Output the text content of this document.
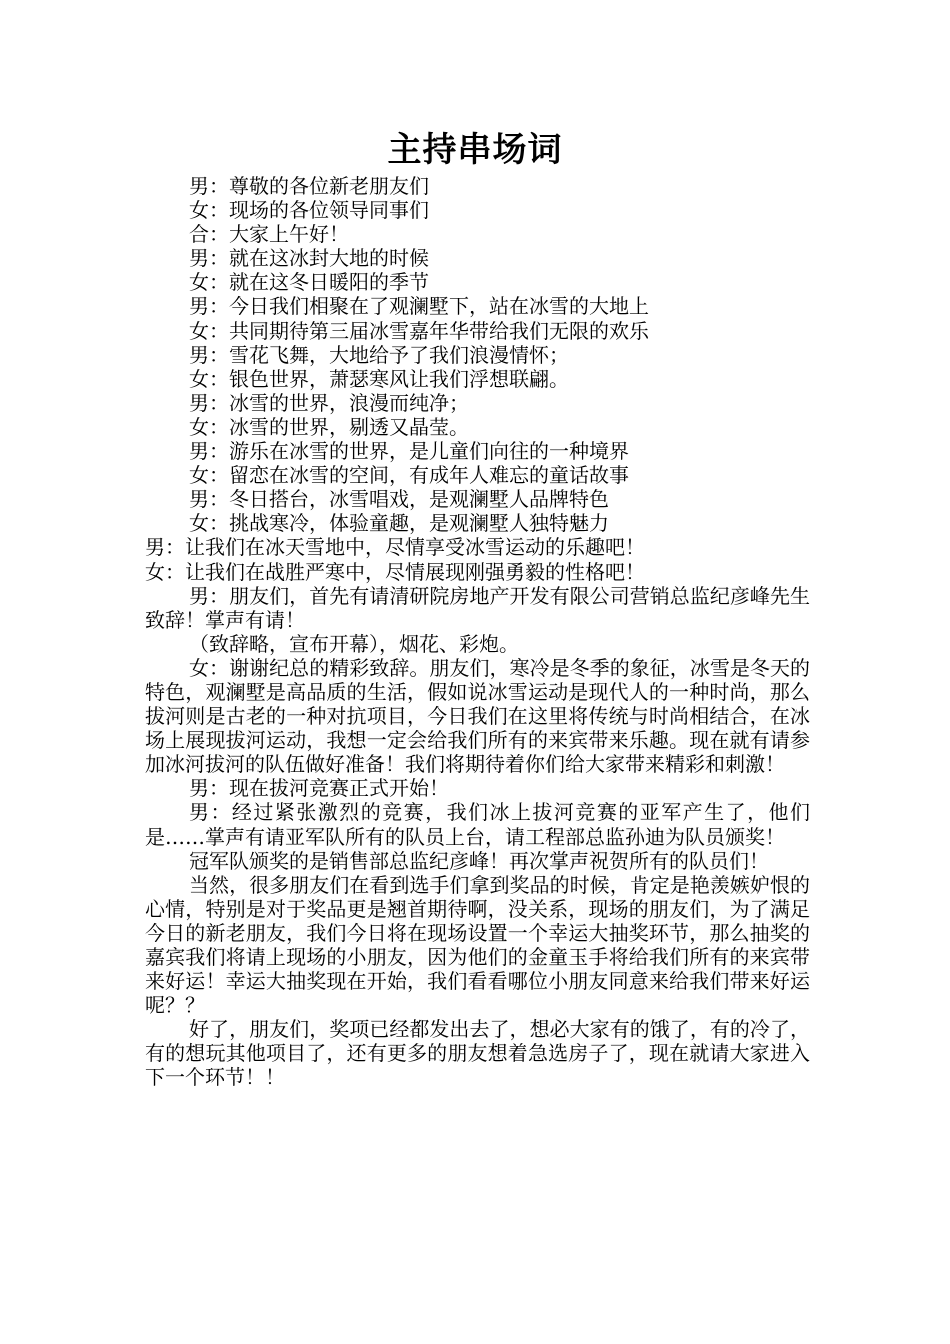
主持串场词

男：尊敬的各位新老朋友们

女：现场的各位领导同事们

合：大家上午好！

男：就在这冰封大地的时候

女：就在这冬日暖阳的季节

男：今日我们相聚在了观澜墅下，站在冰雪的大地上

女：共同期待第三届冰雪嘉年华带给我们无限的欢乐

男：雪花飞舞，大地给予了我们浪漫情怀；

女：银色世界，萧瑟寒风让我们浮想联翩。

男：冰雪的世界，浪漫而纯净；

女：冰雪的世界，剔透又晶莹。

男：游乐在冰雪的世界，是儿童们向往的一种境界

女：留恋在冰雪的空间，有成年人难忘的童话故事

男：冬日搭台，冰雪唱戏，是观澜墅人品牌特色

女：挑战寒冷，体验童趣，是观澜墅人独特魅力

男：让我们在冰天雪地中，尽情享受冰雪运动的乐趣吧！

女：让我们在战胜严寒中，尽情展现刚强勇毅的性格吧！

男：朋友们，首先有请清研院房地产开发有限公司营销总监纪彦峰先生致辞！掌声有请！

（致辞略，宣布开幕），烟花、彩炮。

女：谢谢纪总的精彩致辞。朋友们，寒冷是冬季的象征，冰雪是冬天的特色，观澜墅是高品质的生活，假如说冰雪运动是现代人的一种时尚，那么拔河则是古老的一种对抗项目，今日我们在这里将传统与时尚相结合，在冰场上展现拔河运动，我想一定会给我们所有的来宾带来乐趣。现在就有请参加冰河拔河的队伍做好准备！我们将期待着你们给大家带来精彩和刺激！

男：现在拔河竞赛正式开始！

男：经过紧张激烈的竞赛，我们冰上拔河竞赛的亚军产生了，他们是……掌声有请亚军队所有的队员上台，请工程部总监孙迪为队员颁奖！

冠军队颁奖的是销售部总监纪彦峰！再次掌声祝贺所有的队员们！

当然，很多朋友们在看到选手们拿到奖品的时候，肯定是艳羡嫉妒恨的心情，特别是对于奖品更是翘首期待啊，没关系，现场的朋友们，为了满足今日的新老朋友，我们今日将在现场设置一个幸运大抽奖环节，那么抽奖的嘉宾我们将请上现场的小朋友，因为他们的金童玉手将给我们所有的来宾带来好运！幸运大抽奖现在开始，我们看看哪位小朋友同意来给我们带来好运呢？？

好了，朋友们，奖项已经都发出去了，想必大家有的饿了，有的冷了，有的想玩其他项目了，还有更多的朋友想着急选房子了，现在就请大家进入下一个环节！！
